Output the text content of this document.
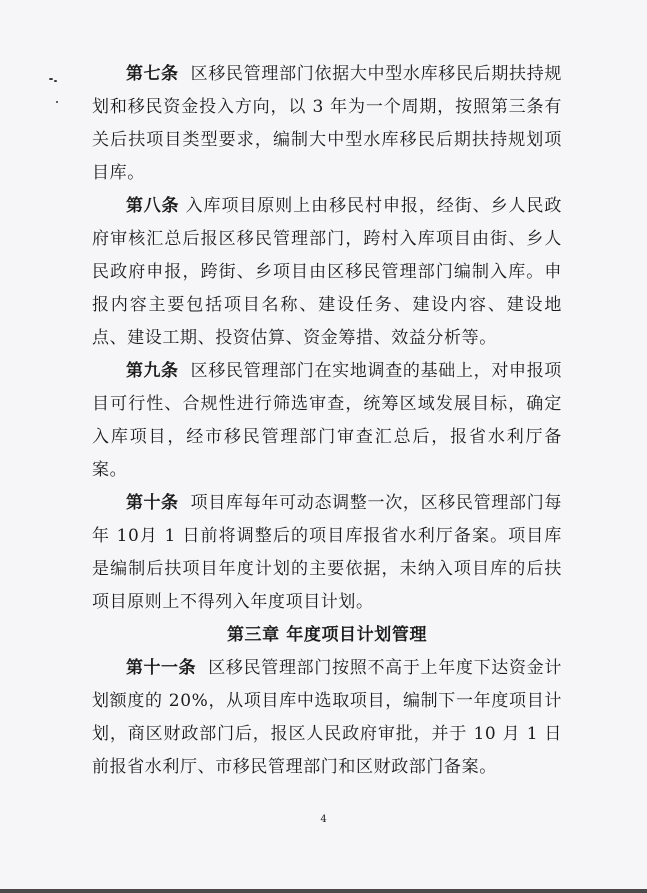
第七条 区移民管理部门依据大中型水库移民后期扶持规划和移民资金投入方向，以 3 年为一个周期，按照第三条有关后扶项目类型要求，编制大中型水库移民后期扶持规划项目库。

第八条 入库项目原则上由移民村申报，经街、乡人民政府审核汇总后报区移民管理部门，跨村入库项目由街、乡人民政府申报，跨街、乡项目由区移民管理部门编制入库。申报内容主要包括项目名称、建设任务、建设内容、建设地点、建设工期、投资估算、资金筹措、效益分析等。

第九条 区移民管理部门在实地调查的基础上，对申报项目可行性、合规性进行筛选审查，统筹区域发展目标，确定入库项目，经市移民管理部门审查汇总后，报省水利厅备案。

第十条 项目库每年可动态调整一次，区移民管理部门每年 10月 1 日前将调整后的项目库报省水利厅备案。项目库是编制后扶项目年度计划的主要依据，未纳入项目库的后扶项目原则上不得列入年度项目计划。

第三章 年度项目计划管理

第十一条 区移民管理部门按照不高于上年度下达资金计划额度的 20%，从项目库中选取项目，编制下一年度项目计划，商区财政部门后，报区人民政府审批，并于 10 月 1 日前报省水利厅、市移民管理部门和区财政部门备案。

4
